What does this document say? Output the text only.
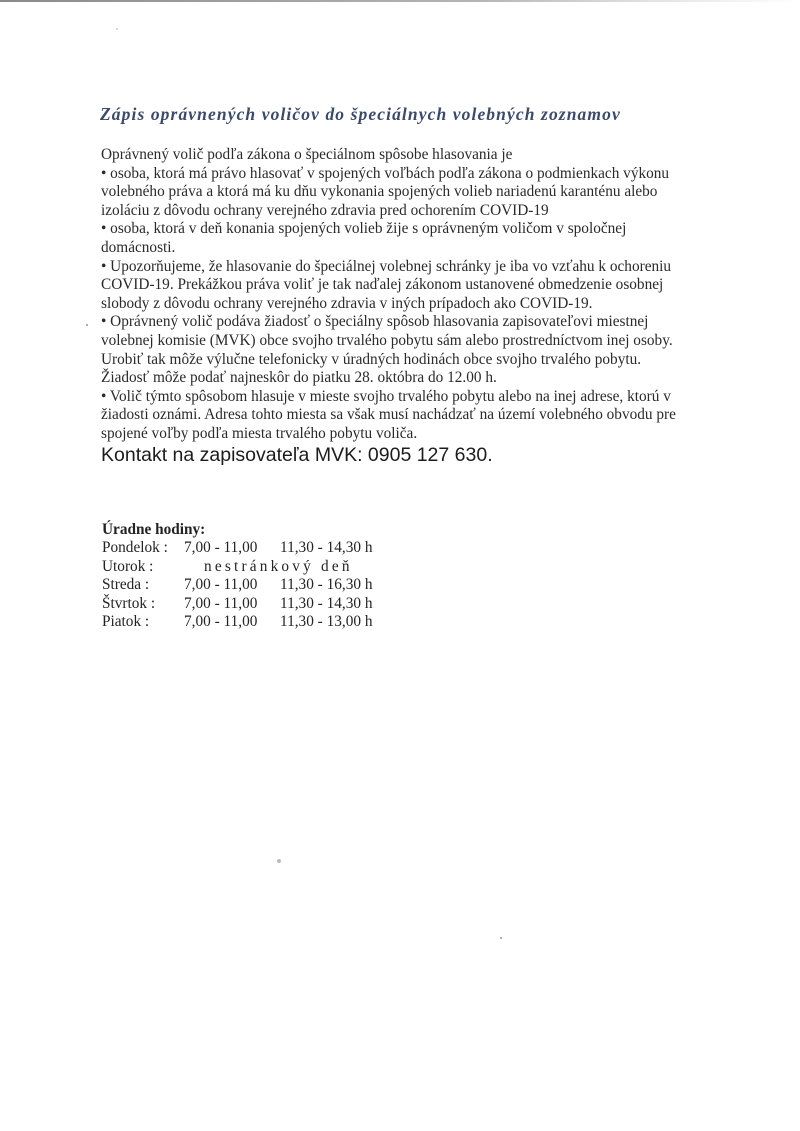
Zápis oprávnených voličov do špeciálnych volebných zoznamov
Oprávnený volič podľa zákona o špeciálnom spôsobe hlasovania je
• osoba, ktorá má právo hlasovať v spojených voľbách podľa zákona o podmienkach výkonu
volebného práva a ktorá má ku dňu vykonania spojených volieb nariadenú karanténu alebo
izoláciu z dôvodu ochrany verejného zdravia pred ochorením COVID-19
• osoba, ktorá v deň konania spojených volieb žije s oprávneným voličom v spoločnej
domácnosti.
• Upozorňujeme, že hlasovanie do špeciálnej volebnej schránky je iba vo vzťahu k ochoreniu
COVID-19. Prekážkou práva voliť je tak naďalej zákonom ustanovené obmedzenie osobnej
slobody z dôvodu ochrany verejného zdravia v iných prípadoch ako COVID-19.
• Oprávnený volič podáva žiadosť o špeciálny spôsob hlasovania zapisovateľovi miestnej
volebnej komisie (MVK) obce svojho trvalého pobytu sám alebo prostredníctvom inej osoby.
Urobiť tak môže výlučne telefonicky v úradných hodinách obce svojho trvalého pobytu.
Žiadosť môže podať najneskôr do piatku 28. októbra do 12.00 h.
• Volič týmto spôsobom hlasuje v mieste svojho trvalého pobytu alebo na inej adrese, ktorú v
žiadosti oznámi. Adresa tohto miesta sa však musí nachádzať na území volebného obvodu pre
spojené voľby podľa miesta trvalého pobytu voliča.
Kontakt na zapisovateľa MVK: 0905 127 630.
Úradne hodiny:
Pondelok :	7,00 - 11,00	11,30 - 14,30 h
Utorok :	nestránkový deň
Streda :	7,00 - 11,00	11,30 - 16,30 h
Štvrtok :	7,00 - 11,00	11,30 - 14,30 h
Piatok :	7,00 - 11,00	11,30 - 13,00 h
